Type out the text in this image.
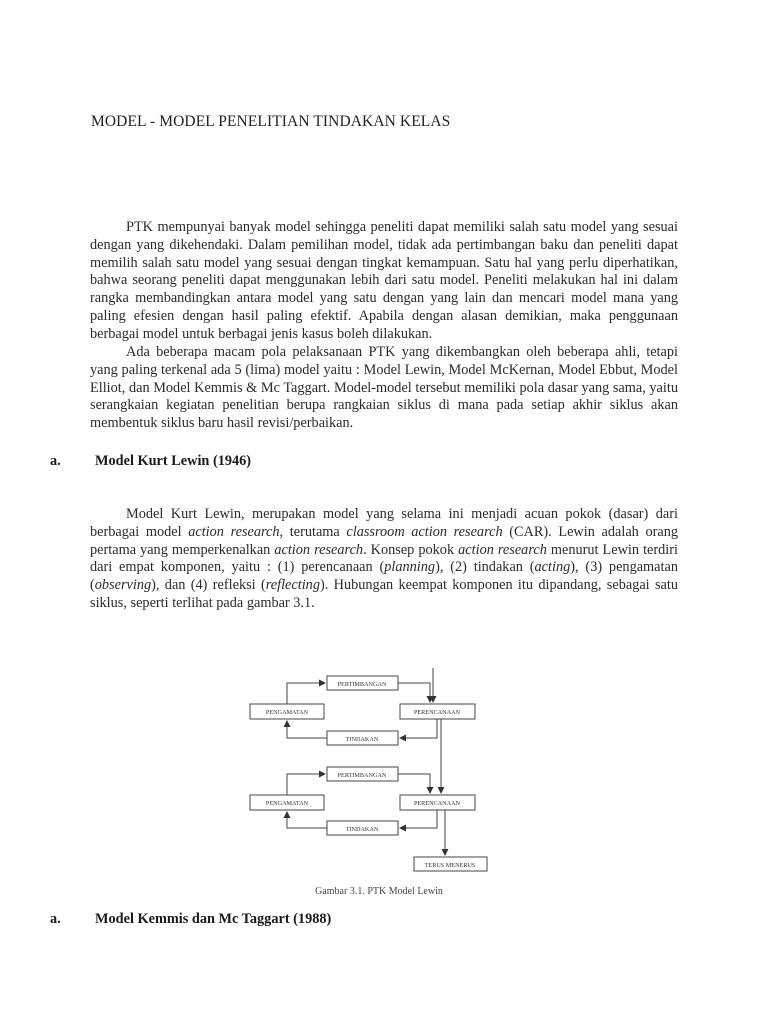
MODEL - MODEL PENELITIAN TINDAKAN KELAS

PTK mempunyai banyak model sehingga peneliti dapat memiliki salah satu model yang sesuai dengan yang dikehendaki. Dalam pemilihan model, tidak ada pertimbangan baku dan peneliti dapat memilih salah satu model yang sesuai dengan tingkat kemampuan. Satu hal yang perlu diperhatikan, bahwa seorang peneliti dapat menggunakan lebih dari satu model. Peneliti melakukan hal ini dalam rangka membandingkan antara model yang satu dengan yang lain dan mencari model mana yang paling efesien dengan hasil paling efektif. Apabila dengan alasan demikian, maka penggunaan berbagai model untuk berbagai jenis kasus boleh dilakukan.

Ada beberapa macam pola pelaksanaan PTK yang dikembangkan oleh beberapa ahli, tetapi yang paling terkenal ada 5 (lima) model yaitu : Model Lewin, Model McKernan, Model Ebbut, Model Elliot, dan Model Kemmis & Mc Taggart. Model-model tersebut memiliki pola dasar yang sama, yaitu serangkaian kegiatan penelitian berupa rangkaian siklus di mana pada setiap akhir siklus akan membentuk siklus baru hasil revisi/perbaikan.

a. Model Kurt Lewin (1946)

Model Kurt Lewin, merupakan model yang selama ini menjadi acuan pokok (dasar) dari berbagai model action research, terutama classroom action research (CAR). Lewin adalah orang pertama yang memperkenalkan action research. Konsep pokok action research menurut Lewin terdiri dari empat komponen, yaitu : (1) perencanaan (planning), (2) tindakan (acting), (3) pengamatan (observing), dan (4) refleksi (reflecting). Hubungan keempat komponen itu dipandang, sebagai satu siklus, seperti terlihat pada gambar 3.1.

PERTIMBANGAN
PENGAMATAN	PERENCANAAN
TINDAKAN
PERTIMBANGAN
PENGAMATAN	PERENCANAAN
TINDAKAN
TERUS MENERUS
Gambar 3.1. PTK Model Lewin
a. Model Kemmis dan Mc Taggart (1988)
